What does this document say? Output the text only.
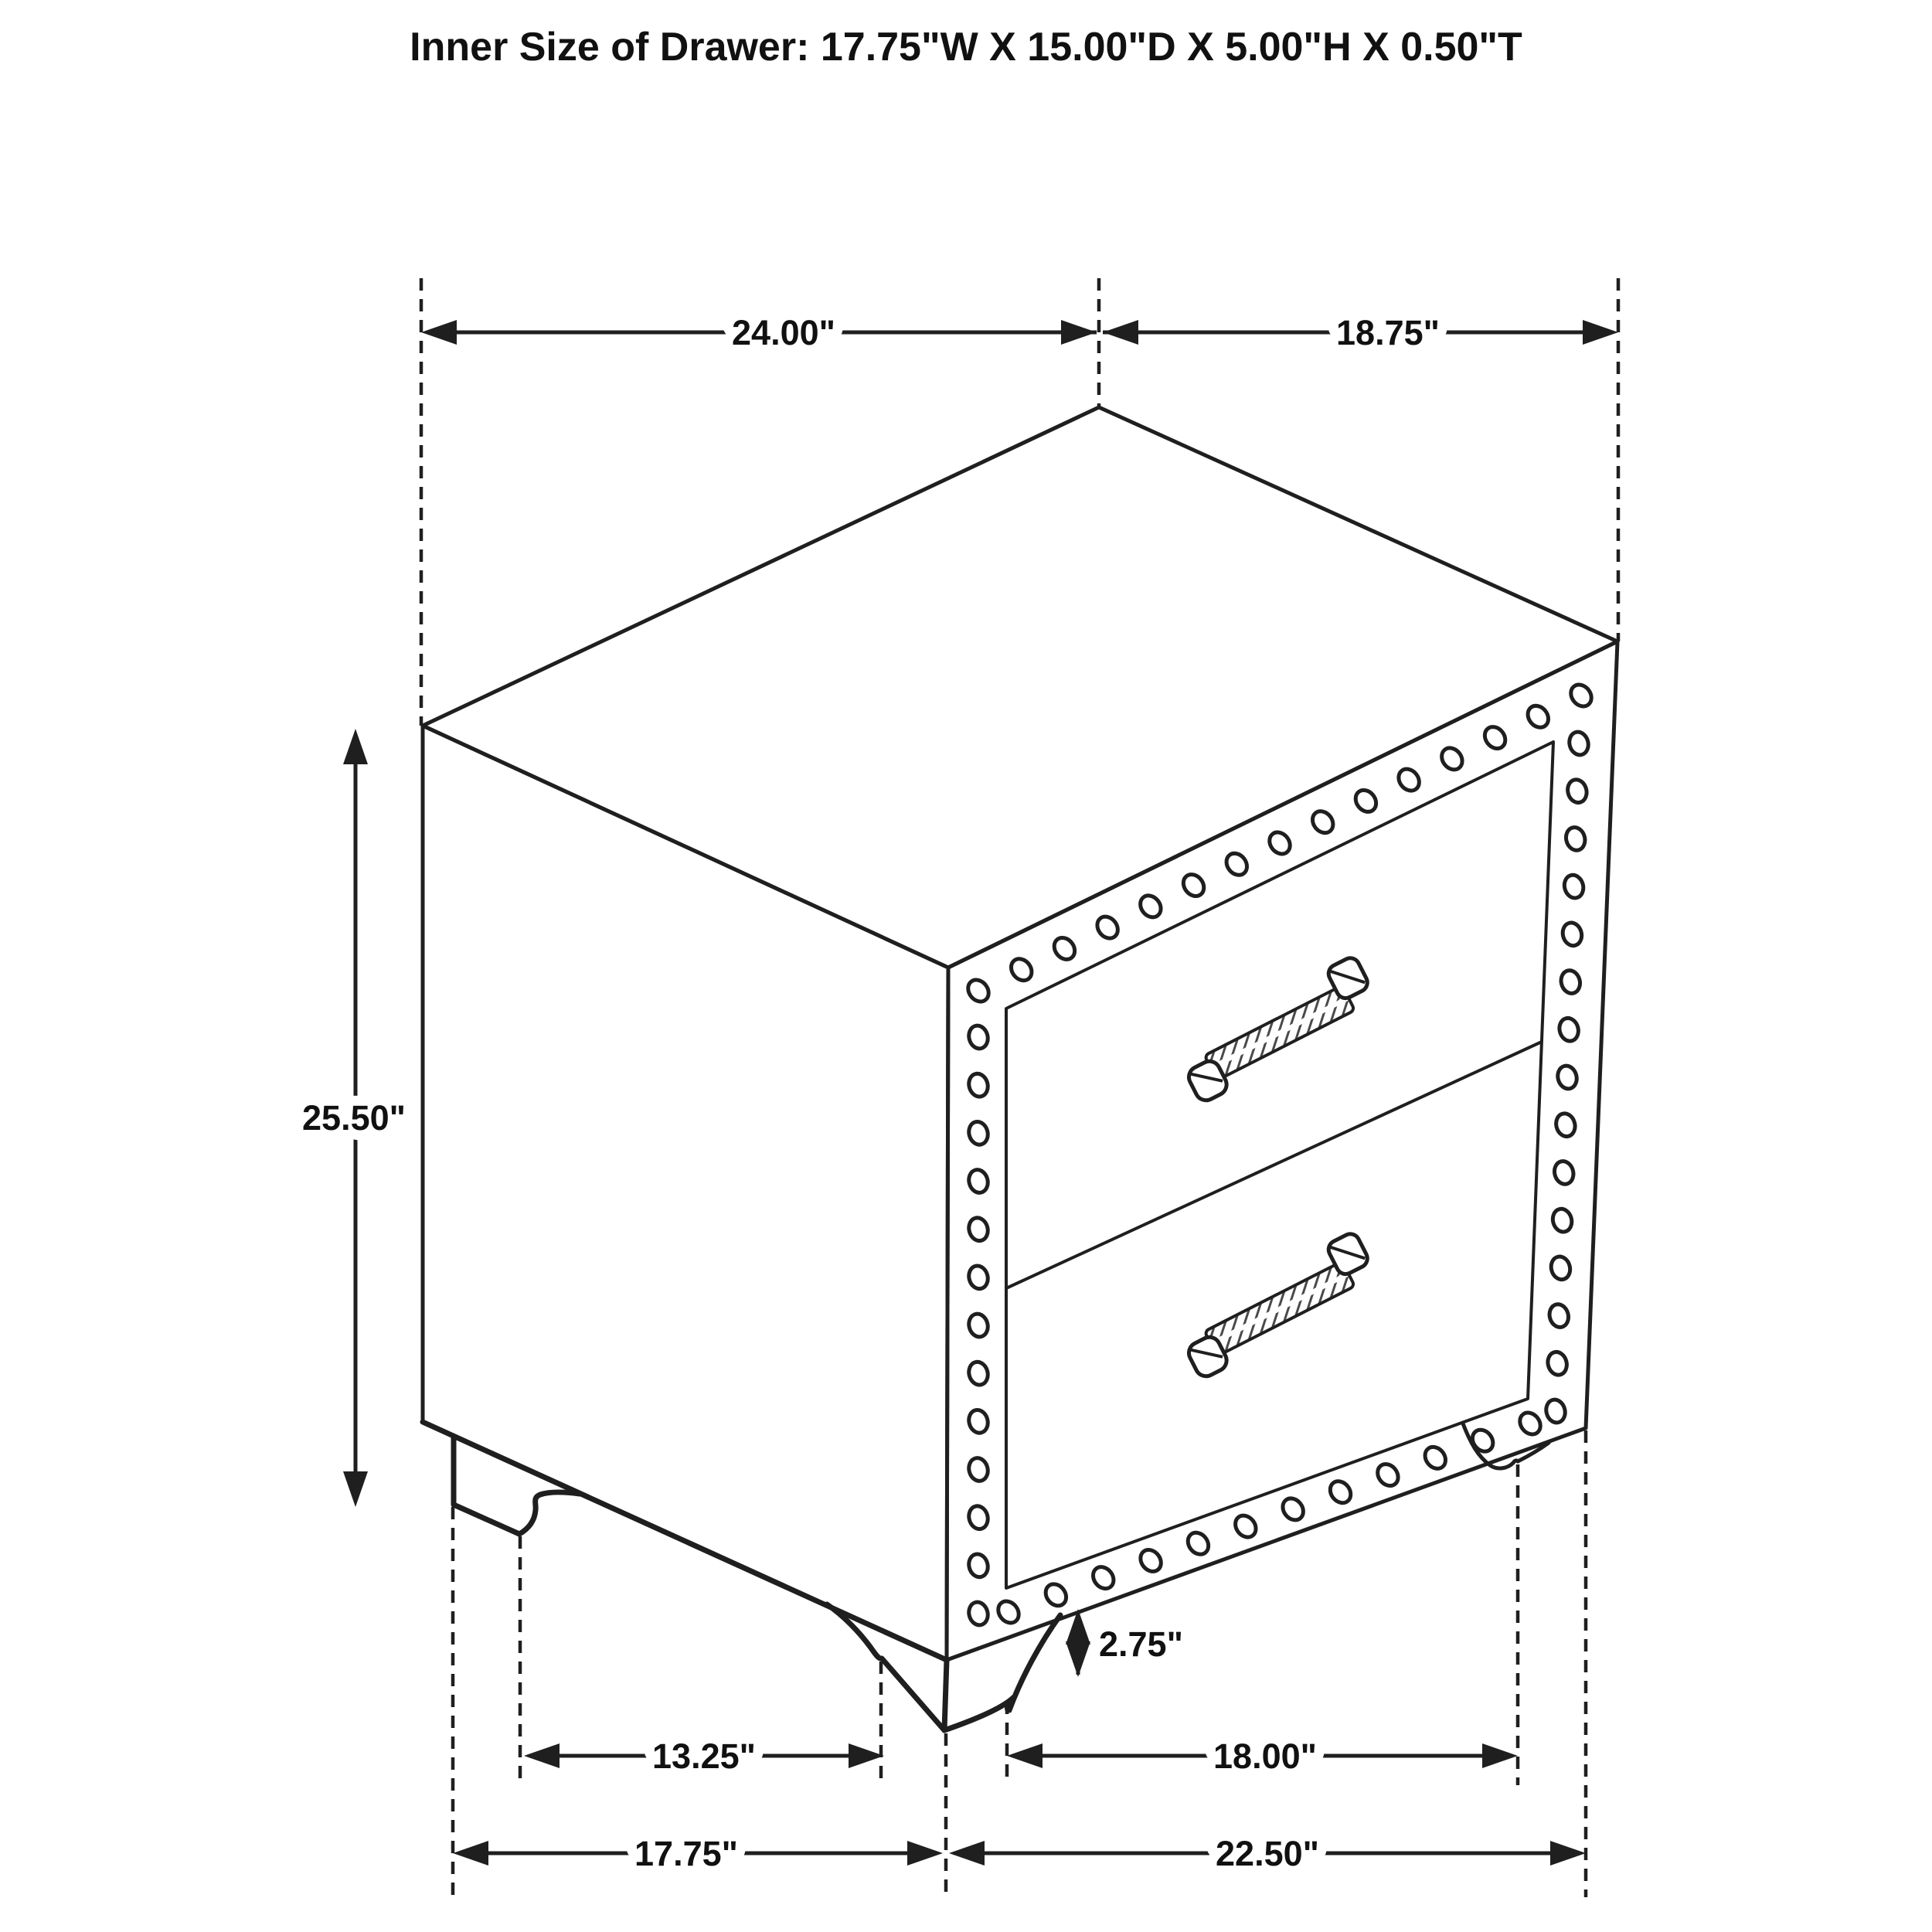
Inner Size of Drawer: 17.75"W X 15.00"D X 5.00"H X 0.50"T
24.00"	18.75"
25.50"
13.25"	18.00"
17.75"	22.50"
2.75"
